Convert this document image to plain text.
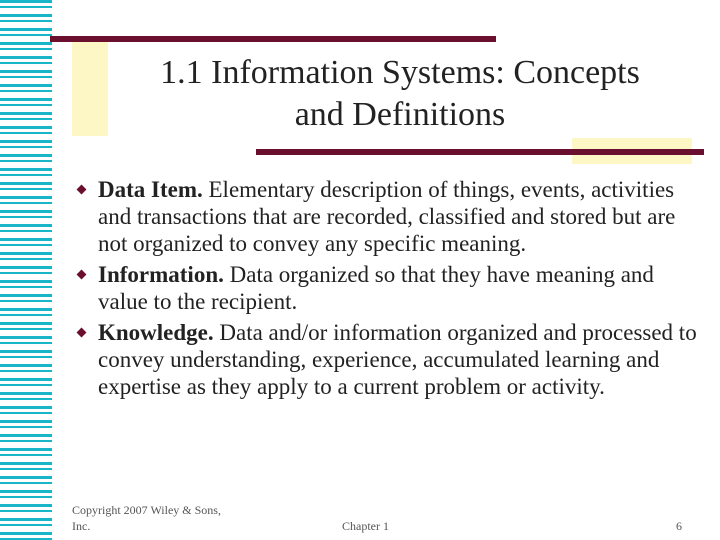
1.1 Information Systems: Concepts
and Definitions
Data Item. Elementary description of things, events, activities and transactions that are recorded, classified and stored but are not organized to convey any specific meaning.
Information. Data organized so that they have meaning and value to the recipient.
Knowledge. Data and/or information organized and processed to convey understanding, experience, accumulated learning and expertise as they apply to a current problem or activity.
Copyright 2007 Wiley & Sons, Inc.	Chapter 1	6
